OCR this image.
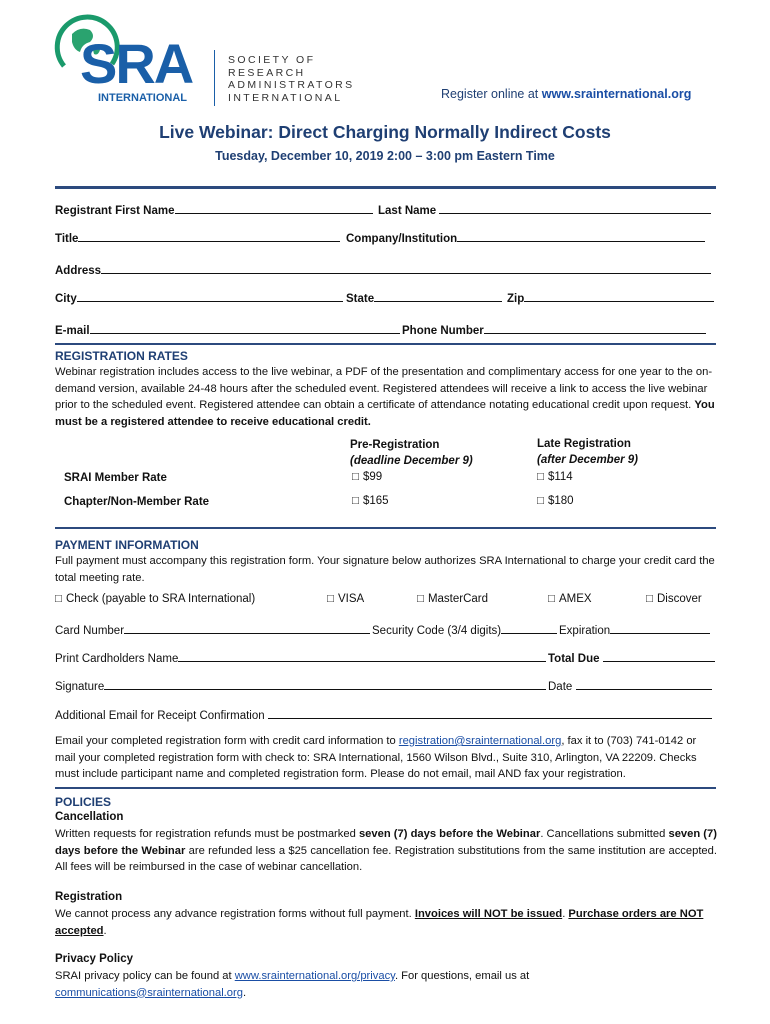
SRA
INTERNATIONAL
SOCIETY OF
RESEARCH
ADMINISTRATORS
INTERNATIONAL	Register online at www.srainternational.org
Live Webinar: Direct Charging Normally Indirect Costs
Tuesday, December 10, 2019 2:00 – 3:00 pm Eastern Time
Registrant First Name	Last Name
Title	Company/Institution
Address
City	State	Zip
E-mail	Phone Number
REGISTRATION RATES
Webinar registration includes access to the live webinar, a PDF of the presentation and complimentary access for one year to the on-demand version, available 24-48 hours after the scheduled event. Registered attendees will receive a link to access the live webinar prior to the scheduled event. Registered attendee can obtain a certificate of attendance notating educational credit upon request. You must be a registered attendee to receive educational credit.
Pre-Registration
(deadline December 9)
Late Registration
(after December 9)
SRAI Member Rate	□ $99	□ $114
Chapter/Non-Member Rate	□ $165	□ $180
PAYMENT INFORMATION
Full payment must accompany this registration form. Your signature below authorizes SRA International to charge your credit card the total meeting rate.
□ Check (payable to SRA International)	□ VISA	□ MasterCard	□ AMEX	□ Discover
Card Number	Security Code (3/4 digits)	Expiration
Print Cardholders Name	Total Due
Signature	Date
Additional Email for Receipt Confirmation
Email your completed registration form with credit card information to registration@srainternational.org, fax it to (703) 741-0142 or mail your completed registration form with check to: SRA International, 1560 Wilson Blvd., Suite 310, Arlington, VA 22209. Checks must include participant name and completed registration form. Please do not email, mail AND fax your registration.
POLICIES
Cancellation
Written requests for registration refunds must be postmarked seven (7) days before the Webinar. Cancellations submitted seven (7) days before the Webinar are refunded less a $25 cancellation fee. Registration substitutions from the same institution are accepted. All fees will be reimbursed in the case of webinar cancellation.
Registration
We cannot process any advance registration forms without full payment. Invoices will NOT be issued. Purchase orders are NOT accepted.
Privacy Policy
SRAI privacy policy can be found at www.srainternational.org/privacy. For questions, email us at
communications@srainternational.org.
